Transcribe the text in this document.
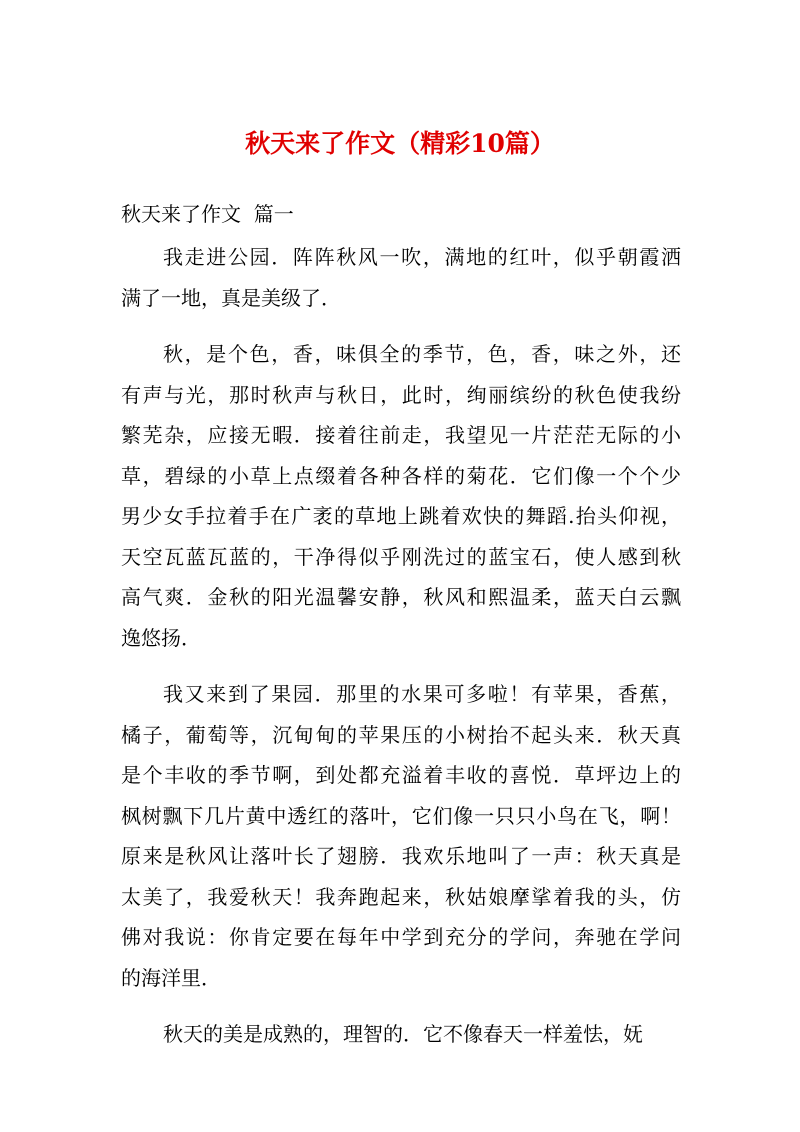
秋天来了作文（精彩10篇）
秋天来了作文  篇一
我走进公园．阵阵秋风一吹，满地的红叶，似乎朝霞洒
满了一地，真是美级了．
秋，是个色，香，味俱全的季节，色，香，味之外，还
有声与光，那时秋声与秋日，此时，绚丽缤纷的秋色使我纷
繁芜杂，应接无暇．接着往前走，我望见一片茫茫无际的小
草，碧绿的小草上点缀着各种各样的菊花．它们像一个个少
男少女手拉着手在广袤的草地上跳着欢快的舞蹈.抬头仰视，
天空瓦蓝瓦蓝的，干净得似乎刚洗过的蓝宝石，使人感到秋
高气爽．金秋的阳光温馨安静，秋风和熙温柔，蓝天白云飘
逸悠扬．
我又来到了果园．那里的水果可多啦！有苹果，香蕉，
橘子，葡萄等，沉甸甸的苹果压的小树抬不起头来．秋天真
是个丰收的季节啊，到处都充溢着丰收的喜悦．草坪边上的
枫树飘下几片黄中透红的落叶，它们像一只只小鸟在飞，啊！
原来是秋风让落叶长了翅膀．我欢乐地叫了一声：秋天真是
太美了，我爱秋天！我奔跑起来，秋姑娘摩挲着我的头，仿
佛对我说：你肯定要在每年中学到充分的学问，奔驰在学问
的海洋里．
秋天的美是成熟的，理智的．它不像春天一样羞怯，妩
